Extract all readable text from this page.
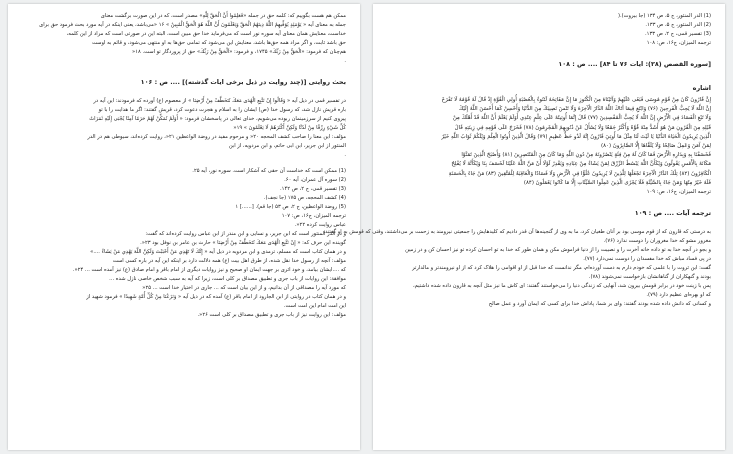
ممکن هم هست بگوییم که: کلمه حق در جمله «فَعَلِمُوا أَنَّ الْحَقَّ لِلَّهِ» مصدر است، که در این صورت برگشت معنای

جمله به معنای آیه « يَوْمَئِذٍ يُوَفِّيهِمُ اللَّهُ دِينَهُمُ الْحَقَّ وَيَعْلَمُونَ أَنَّ اللَّهَ هُوَ الْحَقُّ الْمُبِينُ » ۱۶ «می‌باشد، یعنی اینکه در آیه مورد بحث فرمود حق برای

خداست، معنایش همان معنای آیه سوره نور است که می‌فرماید خدا حق مبین است، البته این در صورتی است که مراد از این کلمه،

حق باشد ثابت، و اگر مراد همه حق‌ها باشد، معنایش این می‌شود که تمامی حق‌ها به او منتهی می‌شود، و قائم به اوست

هم‌چنان که فرمود: «الْحَقُّ مِنْ رَبِّكَ» ۱۷۴۵، و فرمود: «اَلْحَقُّ مِنْ رَبِّكَ» حق از پروردگار تو است. ۱۸«

.

بحث روایتی [(چند روایت در ذیل برخی ایات گذشته)] .... ص : ۱۰۶

در تفسیر قمی در ذیل آیه « وَقَالُوا إِنْ نَتَّبِعِ الْهُدَى مَعَكَ نُتَخَطَّفْ مِنْ أَرْضِنَا » از معصوم (ع) آورده که فرمودند: این آیه در

باره قریش نازل شد، که رسول خدا (ص) ایشان را به اسلام و هجرت دعوت کرد، قریش گفتند: اگر ما هدایت را با تو

پیروی کنیم از سرزمینمان ربوده می‌شویم، خدای تعالی در پاسخشان فرمود: « أَوَلَمْ نُمَكِّنْ لَهُمْ حَرَمًا آمِنًا يُجْبَى إِلَيْهِ ثَمَرَاتُ

كُلِّ شَيْءٍ رِزْقًا مِنْ لَدُنَّا وَلَكِنَّ أَكْثَرَهُمْ لَا يَعْلَمُونَ » ۱۹«

مؤلف: این معنا را صاحب کشف المحجه ۲۰« و مرحوم مفید در روضة الواعظین ۲۱«، روایت کرده‌اند، سیوطی هم در الدر

المنثور از ابن جریر، ابن ابی حاتم، و ابن مردویه، از ابن

.

(1) ممکن است که خداست آن حقی که آشکار است. سوره نور، آیه ۲۵.
(2) سوره آل عمران، آیه ۶۰.
(3) تفسیر قمی، ج ۲، ص ۱۴۲.
(4) کشف المحجه، ص ۱۷۵ (جا نجف).
(5) روضة الواعظین، ج ۲، ص ۵۳ (جا قم). [......] ۱
ترجمه المیزان، ج۱۶، ص: ۱۰۷

عباس روایت کرده ۲۲«.

و در الدر المنثور است که ابن جریر، و نسایی و ابن منذر از ابن عباس روایت کرده‌اند که گفت:

گوینده این حرف که: « إِنْ نَتَّبِعِ الْهُدَى مَعَكَ نُتَخَطَّفْ مِنْ أَرْضِنَا » حارث بن عامر بن نوفل بود ۲۳«.

و در همان کتاب است که مسلم، ترمذی و ابن مردویه در ذیل آیه « إِنَّكَ لَا تَهْدِي مَنْ أَحْبَبْتَ وَلَكِنَّ اللَّهَ يَهْدِي مَنْ يَشَاءُ ....»

مؤلف: آنچه از رسول خدا نقل شده، از طرق اهل بیت (ع) همه دلالت دارد بر اینکه این آیه در باره کسی است

که ....ایشان بیامد، و خود اثری بر جهت ایمان او صحیح و نیز روایات دیگری از امام باقر و امام صادق (ع) نیز آمده است ... ۲۴«.

موافقة: این روایات از باب جری و تطبیق مصداق بر کلی است، زیرا که آیه به سبب شخص خاصی نازل شده ...

که مورد آیه را مصداقی از آن بدانیم، و از این بیان است که ... جاری در اختیار خدا است ... ۲۵«

و در همان کتاب در روایتی از ابن الجارود از امام باقر (ع) آمده که در ذیل آیه « وَنَزَعْنَا مِنْ كُلِّ أُمَّةٍ شَهِيدًا » فرمود شهید از

این امت امام این امت است.

مؤلف: این روایت نیز از باب جری و تطبیق مصداق بر کلی است ۲۶«.

(1) الدر المنثور، ج ۵، ص ۱۳۴ (جا بیروت).(
(2) الدر المنثور، ج ۵، ص ۱۳۳.
(3) تفسیر قمی، ج ۲، ص ۱۳۳.
ترجمه المیزان، ج۱۶، ص: ۱۰۸
[سوره القصص (۲۸): ایات ۷۶ تا ۸۴] .... ص : ۱۰۸
اشاره

إِنَّ قَارُونَ كَانَ مِنْ قَوْمِ مُوسَى فَبَغَى عَلَيْهِمْ وَآتَيْنَاهُ مِنَ الْكُنُوزِ مَا إِنَّ مَفَاتِحَهُ لَتَنُوءُ بِالْعُصْبَةِ أُولِي الْقُوَّةِ إِذْ قَالَ لَهُ قَوْمُهُ لَا تَفْرَحْ

إِنَّ اللَّهَ لَا يُحِبُّ الْفَرِحِينَ (۷۶) وَابْتَغِ فِيمَا آتَاكَ اللَّهُ الدَّارَ الْآخِرَةَ وَلَا تَنْسَ نَصِيبَكَ مِنَ الدُّنْيَا وَأَحْسِنْ كَمَا أَحْسَنَ اللَّهُ إِلَيْكَ

وَلَا تَبْغِ الْفَسَادَ فِي الْأَرْضِ إِنَّ اللَّهَ لَا يُحِبُّ الْمُفْسِدِينَ (۷۷) قَالَ إِنَّمَا أُوتِيتُهُ عَلَى عِلْمٍ عِنْدِي أَوَلَمْ يَعْلَمْ أَنَّ اللَّهَ قَدْ أَهْلَكَ مِنْ

قَبْلِهِ مِنَ الْقُرُونِ مَنْ هُوَ أَشَدُّ مِنْهُ قُوَّةً وَأَكْثَرُ جَمْعًا وَلَا يُسْأَلُ عَنْ ذُنُوبِهِمُ الْمُجْرِمُونَ (۷۸) فَخَرَجَ عَلَى قَوْمِهِ فِي زِينَتِهِ قَالَ

الَّذِينَ يُرِيدُونَ الْحَيَاةَ الدُّنْيَا يَا لَيْتَ لَنَا مِثْلَ مَا أُوتِيَ قَارُونُ إِنَّهُ لَذُو حَظٍّ عَظِيمٍ (۷۹) وَقَالَ الَّذِينَ أُوتُوا الْعِلْمَ وَيْلَكُمْ ثَوَابُ اللَّهِ خَيْرٌ

لِمَنْ آمَنَ وَعَمِلَ صَالِحًا وَلَا يُلَقَّاهَا إِلَّا الصَّابِرُونَ (۸۰)

فَخَسَفْنَا بِهِ وَبِدَارِهِ الْأَرْضَ فَمَا كَانَ لَهُ مِنْ فِئَةٍ يَنْصُرُونَهُ مِنْ دُونِ اللَّهِ وَمَا كَانَ مِنَ الْمُنْتَصِرِينَ (۸۱) وَأَصْبَحَ الَّذِينَ تَمَنَّوْا

مَكَانَهُ بِالْأَمْسِ يَقُولُونَ وَيْكَأَنَّ اللَّهَ يَبْسُطُ الرِّزْقَ لِمَنْ يَشَاءُ مِنْ عِبَادِهِ وَيَقْدِرُ لَوْلَا أَنْ مَنَّ اللَّهُ عَلَيْنَا لَخَسَفَ بِنَا وَيْكَأَنَّهُ لَا يُفْلِحُ

الْكَافِرُونَ (۸۲) تِلْكَ الدَّارُ الْآخِرَةُ نَجْعَلُهَا لِلَّذِينَ لَا يُرِيدُونَ عُلُوًّا فِي الْأَرْضِ وَلَا فَسَادًا وَالْعَاقِبَةُ لِلْمُتَّقِينَ (۸۳) مَنْ جَاءَ بِالْحَسَنَةِ

فَلَهُ خَيْرٌ مِنْهَا وَمَنْ جَاءَ بِالسَّيِّئَةِ فَلَا يُجْزَى الَّذِينَ عَمِلُوا السَّيِّئَاتِ إِلَّا مَا كَانُوا يَعْمَلُونَ (۸۴)

ترجمه المیزان، ج۱۶، ص: ۱۰۹
ترجمه آیات .... ص : ۱۰۹

به درستی که قارون که از قوم موسی بود بر آنان طغیان کرد، ما به وی از گنجینه‌ها آن قدر دادیم که کلیدهایش را جمعیتی نیرومند به زحمت بر می‌داشتند، وقتی که قومش به او گفتند:

مغرور مشو که خدا مغروران را دوست ندارد (۷۶).

و بجو در آنچه خدا به تو داده خانه آخرت را و نصیبت را از دنیا فراموش مکن و همان طور که خدا به تو احسان کرده تو نیز احسان کن و در زمین

در پی فساد مباش که خدا مفسدان را دوست نمی‌دارد (۷۷).

گفت: این ثروت را با علمی که خودم دارم به دست آورده‌ام، مگر ندانست که خدا قبل از او اقوامی را هلاک کرد که از او نیرومندتر و مالدارتر

بودند و گنهکاران از گناهانشان بازخواست نمی‌شوند (۷۸).

پس با زینت خود در برابر قومش بیرون شد، آنهایی که زندگی دنیا را می‌خواستند گفتند: ای کاش ما نیز مثل آنچه به قارون داده شده داشتیم،

که او بهره‌ای عظیم دارد (۷۹).

و کسانی که دانش داده شده بودند گفتند: وای بر شما، پاداش خدا برای کسی که ایمان آورد و عمل صالح
